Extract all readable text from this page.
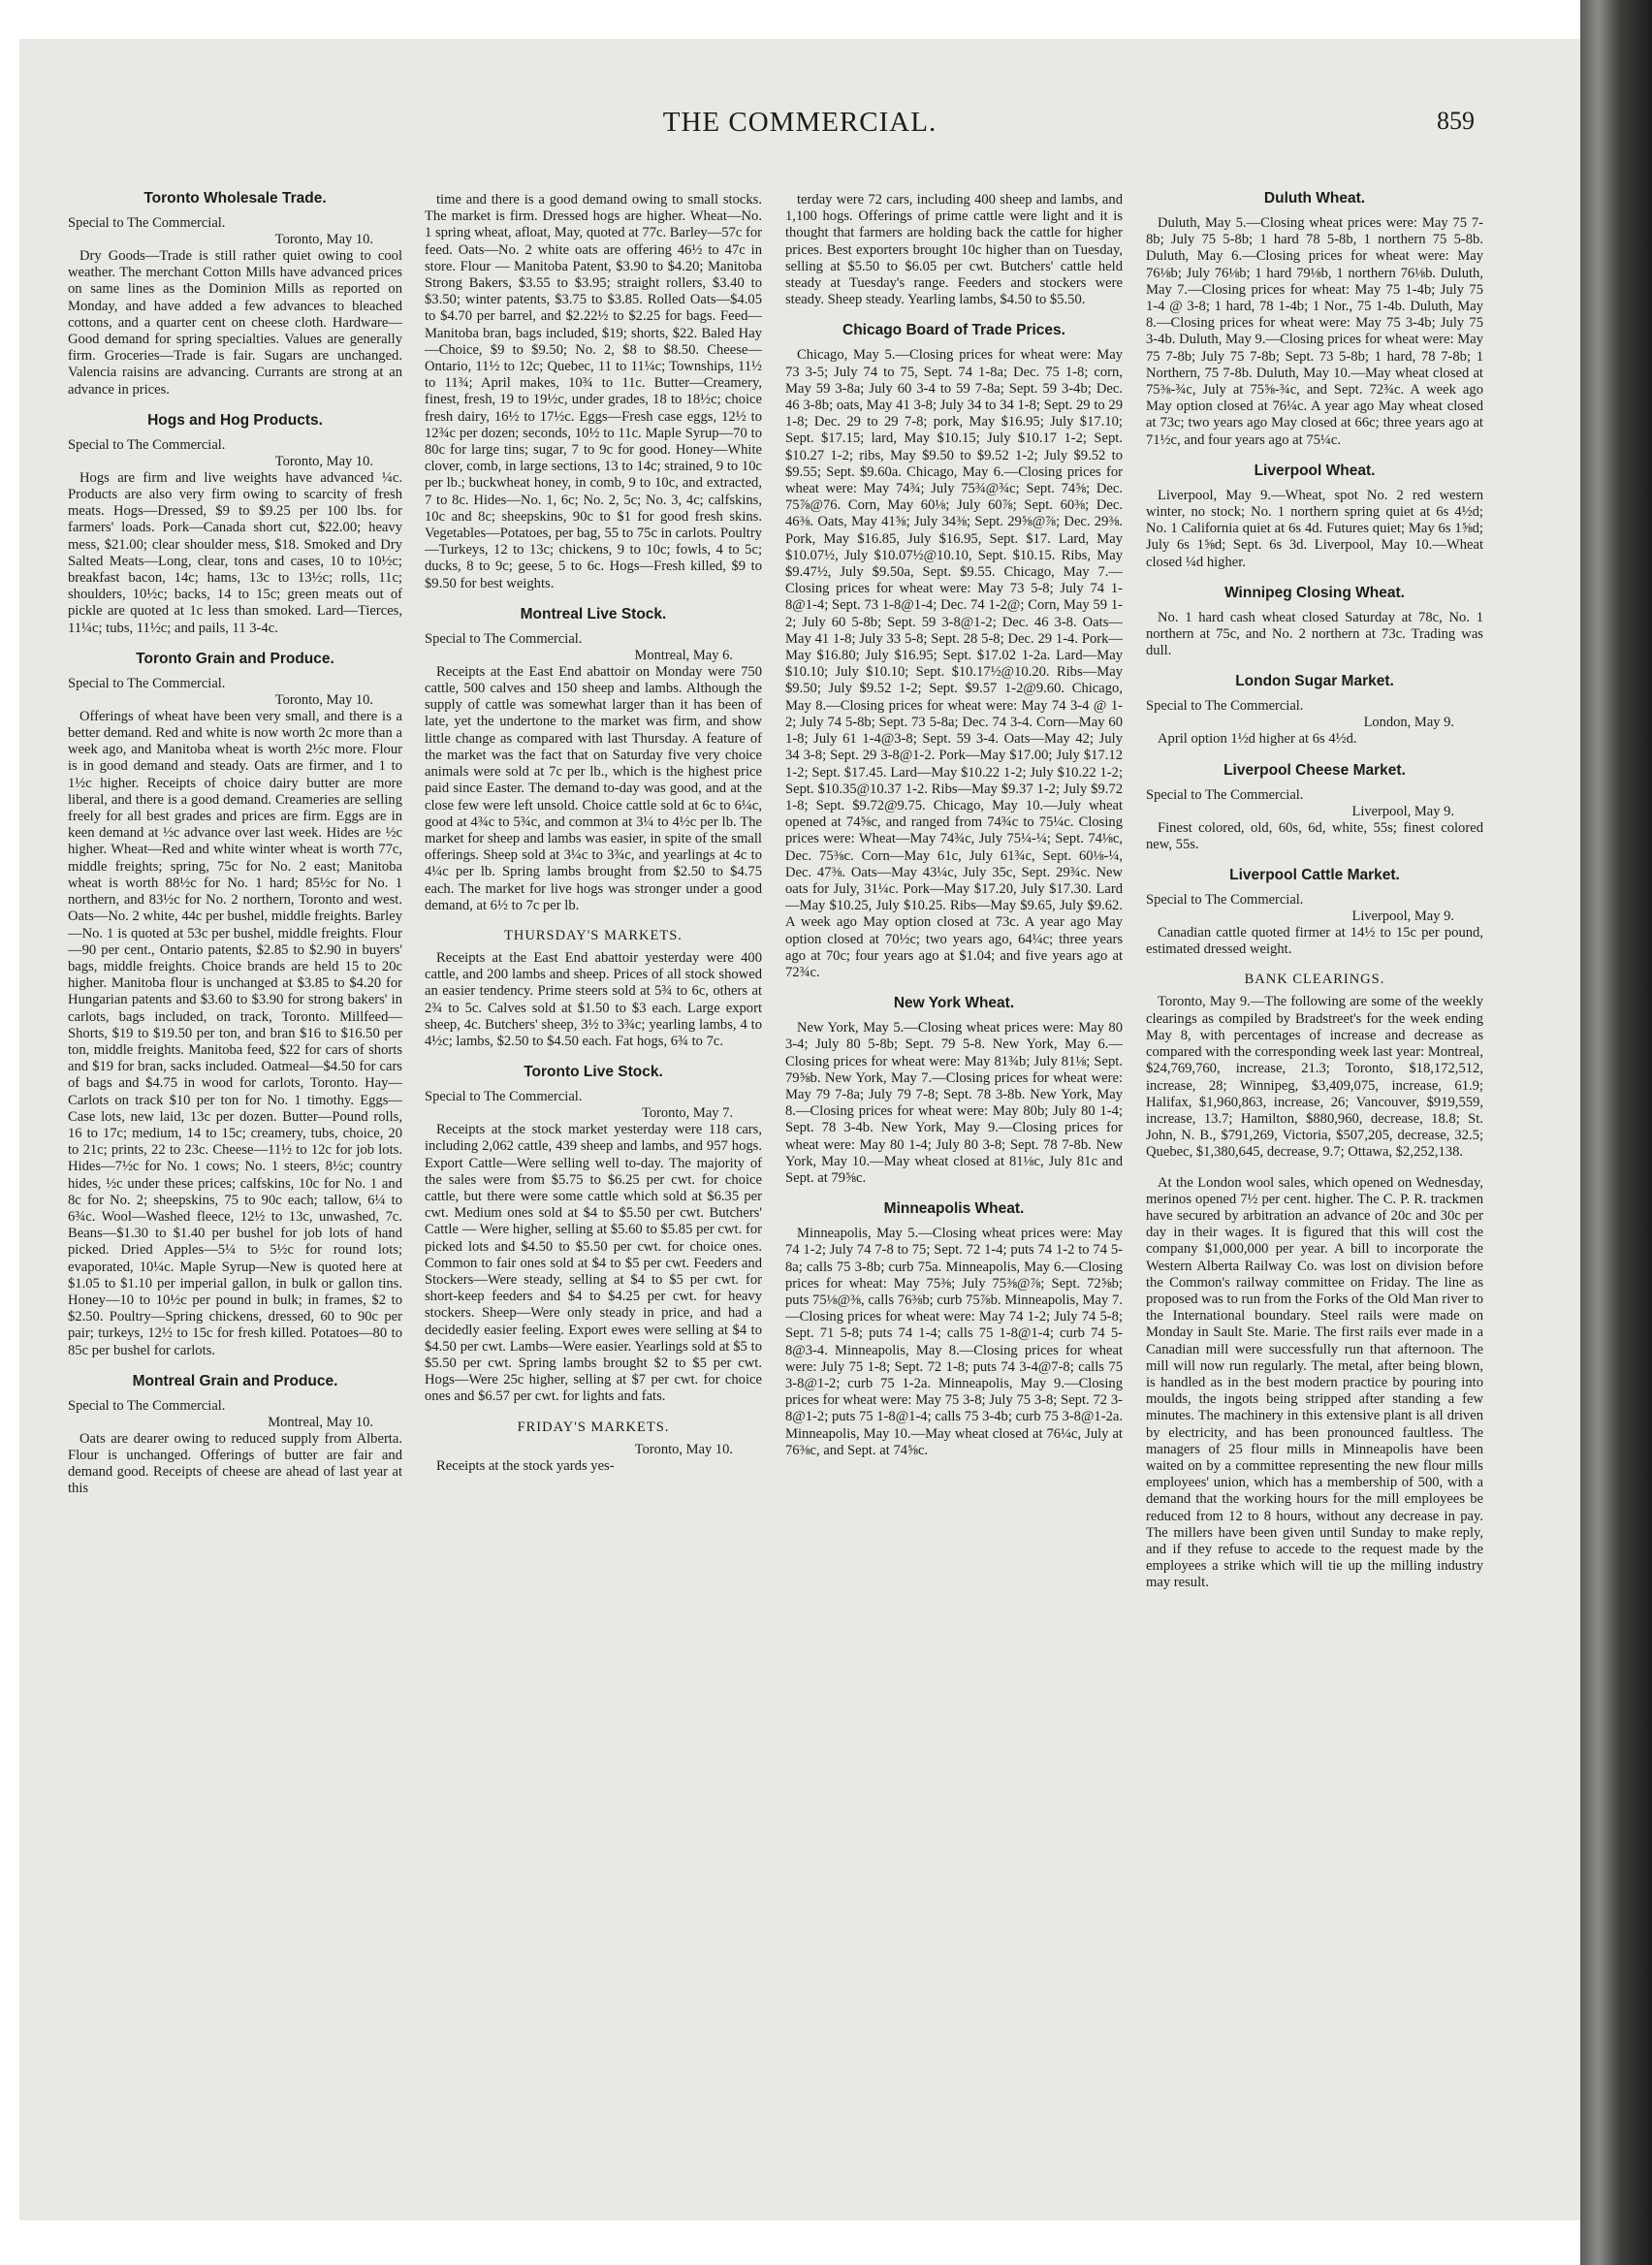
THE COMMERCIAL.	859
Toronto Wholesale Trade.

Special to The Commercial.

Toronto, May 10.

Dry Goods—Trade is still rather quiet owing to cool weather. The merchant Cotton Mills have advanced prices on same lines as the Dominion Mills as reported on Monday, and have added a few advances to bleached cottons, and a quarter cent on cheese cloth. Hardware—Good demand for spring specialties. Values are generally firm. Groceries—Trade is fair. Sugars are unchanged. Valencia raisins are advancing. Currants are strong at an advance in prices.

Hogs and Hog Products.

Special to The Commercial.

Toronto, May 10.

Hogs are firm and live weights have advanced ¼c. Products are also very firm owing to scarcity of fresh meats. Hogs—Dressed, $9 to $9.25 per 100 lbs. for farmers' loads. Pork—Canada short cut, $22.00; heavy mess, $21.00; clear shoulder mess, $18. Smoked and Dry Salted Meats—Long, clear, tons and cases, 10 to 10½c; breakfast bacon, 14c; hams, 13c to 13½c; rolls, 11c; shoulders, 10½c; backs, 14 to 15c; green meats out of pickle are quoted at 1c less than smoked. Lard—Tierces, 11¼c; tubs, 11½c; and pails, 11 3-4c.

Toronto Grain and Produce.

Special to The Commercial.

Toronto, May 10.

Offerings of wheat have been very small, and there is a better demand. Red and white is now worth 2c more than a week ago, and Manitoba wheat is worth 2½c more. Flour is in good demand and steady. Oats are firmer, and 1 to 1½c higher. Receipts of choice dairy butter are more liberal, and there is a good demand. Creameries are selling freely for all best grades and prices are firm. Eggs are in keen demand at ½c advance over last week. Hides are ½c higher. Wheat—Red and white winter wheat is worth 77c, middle freights; spring, 75c for No. 2 east; Manitoba wheat is worth 88½c for No. 1 hard; 85½c for No. 1 northern, and 83½c for No. 2 northern, Toronto and west. Oats—No. 2 white, 44c per bushel, middle freights. Barley—No. 1 is quoted at 53c per bushel, middle freights. Flour—90 per cent., Ontario patents, $2.85 to $2.90 in buyers' bags, middle freights. Choice brands are held 15 to 20c higher. Manitoba flour is unchanged at $3.85 to $4.20 for Hungarian patents and $3.60 to $3.90 for strong bakers' in carlots, bags included, on track, Toronto. Millfeed—Shorts, $19 to $19.50 per ton, and bran $16 to $16.50 per ton, middle freights. Manitoba feed, $22 for cars of shorts and $19 for bran, sacks included. Oatmeal—$4.50 for cars of bags and $4.75 in wood for carlots, Toronto. Hay—Carlots on track $10 per ton for No. 1 timothy. Eggs—Case lots, new laid, 13c per dozen. Butter—Pound rolls, 16 to 17c; medium, 14 to 15c; creamery, tubs, choice, 20 to 21c; prints, 22 to 23c. Cheese—11½ to 12c for job lots. Hides—7½c for No. 1 cows; No. 1 steers, 8½c; country hides, ½c under these prices; calfskins, 10c for No. 1 and 8c for No. 2; sheepskins, 75 to 90c each; tallow, 6¼ to 6¾c. Wool—Washed fleece, 12½ to 13c, unwashed, 7c. Beans—$1.30 to $1.40 per bushel for job lots of hand picked. Dried Apples—5¼ to 5½c for round lots; evaporated, 10¼c. Maple Syrup—New is quoted here at $1.05 to $1.10 per imperial gallon, in bulk or gallon tins. Honey—10 to 10½c per pound in bulk; in frames, $2 to $2.50. Poultry—Spring chickens, dressed, 60 to 90c per pair; turkeys, 12½ to 15c for fresh killed. Potatoes—80 to 85c per bushel for carlots.

Montreal Grain and Produce.

Special to The Commercial.

Montreal, May 10.

Oats are dearer owing to reduced supply from Alberta. Flour is unchanged. Offerings of butter are fair and demand good. Receipts of cheese are ahead of last year at this

time and there is a good demand owing to small stocks. The market is firm. Dressed hogs are higher. Wheat—No. 1 spring wheat, afloat, May, quoted at 77c. Barley—57c for feed. Oats—No. 2 white oats are offering 46½ to 47c in store. Flour — Manitoba Patent, $3.90 to $4.20; Manitoba Strong Bakers, $3.55 to $3.95; straight rollers, $3.40 to $3.50; winter patents, $3.75 to $3.85. Rolled Oats—$4.05 to $4.70 per barrel, and $2.22½ to $2.25 for bags. Feed—Manitoba bran, bags included, $19; shorts, $22. Baled Hay—Choice, $9 to $9.50; No. 2, $8 to $8.50. Cheese—Ontario, 11½ to 12c; Quebec, 11 to 11¼c; Townships, 11½ to 11¾; April makes, 10¾ to 11c. Butter—Creamery, finest, fresh, 19 to 19½c, under grades, 18 to 18½c; choice fresh dairy, 16½ to 17½c. Eggs—Fresh case eggs, 12½ to 12¾c per dozen; seconds, 10½ to 11c. Maple Syrup—70 to 80c for large tins; sugar, 7 to 9c for good. Honey—White clover, comb, in large sections, 13 to 14c; strained, 9 to 10c per lb.; buckwheat honey, in comb, 9 to 10c, and extracted, 7 to 8c. Hides—No. 1, 6c; No. 2, 5c; No. 3, 4c; calfskins, 10c and 8c; sheepskins, 90c to $1 for good fresh skins. Vegetables—Potatoes, per bag, 55 to 75c in carlots. Poultry—Turkeys, 12 to 13c; chickens, 9 to 10c; fowls, 4 to 5c; ducks, 8 to 9c; geese, 5 to 6c. Hogs—Fresh killed, $9 to $9.50 for best weights.

Montreal Live Stock.

Special to The Commercial.

Montreal, May 6.

Receipts at the East End abattoir on Monday were 750 cattle, 500 calves and 150 sheep and lambs. Although the supply of cattle was somewhat larger than it has been of late, yet the undertone to the market was firm, and show little change as compared with last Thursday. A feature of the market was the fact that on Saturday five very choice animals were sold at 7c per lb., which is the highest price paid since Easter. The demand to-day was good, and at the close few were left unsold. Choice cattle sold at 6c to 6¼c, good at 4¾c to 5¾c, and common at 3¼ to 4½c per lb. The market for sheep and lambs was easier, in spite of the small offerings. Sheep sold at 3¼c to 3¾c, and yearlings at 4c to 4¼c per lb. Spring lambs brought from $2.50 to $4.75 each. The market for live hogs was stronger under a good demand, at 6½ to 7c per lb.

THURSDAY'S MARKETS.

Receipts at the East End abattoir yesterday were 400 cattle, and 200 lambs and sheep. Prices of all stock showed an easier tendency. Prime steers sold at 5¾ to 6c, others at 2¾ to 5c. Calves sold at $1.50 to $3 each. Large export sheep, 4c. Butchers' sheep, 3½ to 3¾c; yearling lambs, 4 to 4½c; lambs, $2.50 to $4.50 each. Fat hogs, 6¾ to 7c.

Toronto Live Stock.

Special to The Commercial.

Toronto, May 7.

Receipts at the stock market yesterday were 118 cars, including 2,062 cattle, 439 sheep and lambs, and 957 hogs. Export Cattle—Were selling well to-day. The majority of the sales were from $5.75 to $6.25 per cwt. for choice cattle, but there were some cattle which sold at $6.35 per cwt. Medium ones sold at $4 to $5.50 per cwt. Butchers' Cattle — Were higher, selling at $5.60 to $5.85 per cwt. for picked lots and $4.50 to $5.50 per cwt. for choice ones. Common to fair ones sold at $4 to $5 per cwt. Feeders and Stockers—Were steady, selling at $4 to $5 per cwt. for short-keep feeders and $4 to $4.25 per cwt. for heavy stockers. Sheep—Were only steady in price, and had a decidedly easier feeling. Export ewes were selling at $4 to $4.50 per cwt. Lambs—Were easier. Yearlings sold at $5 to $5.50 per cwt. Spring lambs brought $2 to $5 per cwt. Hogs—Were 25c higher, selling at $7 per cwt. for choice ones and $6.57 per cwt. for lights and fats.

FRIDAY'S MARKETS.

Toronto, May 10.

Receipts at the stock yards yes-

terday were 72 cars, including 400 sheep and lambs, and 1,100 hogs. Offerings of prime cattle were light and it is thought that farmers are holding back the cattle for higher prices. Best exporters brought 10c higher than on Tuesday, selling at $5.50 to $6.05 per cwt. Butchers' cattle held steady at Tuesday's range. Feeders and stockers were steady. Sheep steady. Yearling lambs, $4.50 to $5.50.

Chicago Board of Trade Prices.

Chicago, May 5.—Closing prices for wheat were: May 73 3-5; July 74 to 75, Sept. 74 1-8a; Dec. 75 1-8; corn, May 59 3-8a; July 60 3-4 to 59 7-8a; Sept. 59 3-4b; Dec. 46 3-8b; oats, May 41 3-8; July 34 to 34 1-8; Sept. 29 to 29 1-8; Dec. 29 to 29 7-8; pork, May $16.95; July $17.10; Sept. $17.15; lard, May $10.15; July $10.17 1-2; Sept. $10.27 1-2; ribs, May $9.50 to $9.52 1-2; July $9.52 to $9.55; Sept. $9.60a. Chicago, May 6.—Closing prices for wheat were: May 74¾; July 75¾@¾c; Sept. 74⅝; Dec. 75⅞@76. Corn, May 60⅛; July 60⅞; Sept. 60⅜; Dec. 46⅜. Oats, May 41⅝; July 34⅜; Sept. 29⅝@⅞; Dec. 29⅜. Pork, May $16.85, July $16.95, Sept. $17. Lard, May $10.07½, July $10.07½@10.10, Sept. $10.15. Ribs, May $9.47½, July $9.50a, Sept. $9.55. Chicago, May 7.—Closing prices for wheat were: May 73 5-8; July 74 1-8@1-4; Sept. 73 1-8@1-4; Dec. 74 1-2@; Corn, May 59 1-2; July 60 5-8b; Sept. 59 3-8@1-2; Dec. 46 3-8. Oats—May 41 1-8; July 33 5-8; Sept. 28 5-8; Dec. 29 1-4. Pork—May $16.80; July $16.95; Sept. $17.02 1-2a. Lard—May $10.10; July $10.10; Sept. $10.17½@10.20. Ribs—May $9.50; July $9.52 1-2; Sept. $9.57 1-2@9.60. Chicago, May 8.—Closing prices for wheat were: May 74 3-4 @ 1-2; July 74 5-8b; Sept. 73 5-8a; Dec. 74 3-4. Corn—May 60 1-8; July 61 1-4@3-8; Sept. 59 3-4. Oats—May 42; July 34 3-8; Sept. 29 3-8@1-2. Pork—May $17.00; July $17.12 1-2; Sept. $17.45. Lard—May $10.22 1-2; July $10.22 1-2; Sept. $10.35@10.37 1-2. Ribs—May $9.37 1-2; July $9.72 1-8; Sept. $9.72@9.75. Chicago, May 10.—July wheat opened at 74⅝c, and ranged from 74¾c to 75¼c. Closing prices were: Wheat—May 74¾c, July 75¼-¼; Sept. 74⅛c, Dec. 75⅜c. Corn—May 61c, July 61¾c, Sept. 60⅛-¼, Dec. 47⅜. Oats—May 43¼c, July 35c, Sept. 29¾c. New oats for July, 31¼c. Pork—May $17.20, July $17.30. Lard—May $10.25, July $10.25. Ribs—May $9.65, July $9.62. A week ago May option closed at 73c. A year ago May option closed at 70½c; two years ago, 64¼c; three years ago at 70c; four years ago at $1.04; and five years ago at 72¾c.

New York Wheat.

New York, May 5.—Closing wheat prices were: May 80 3-4; July 80 5-8b; Sept. 79 5-8. New York, May 6.—Closing prices for wheat were: May 81¾b; July 81⅛; Sept. 79⅝b. New York, May 7.—Closing prices for wheat were: May 79 7-8a; July 79 7-8; Sept. 78 3-8b. New York, May 8.—Closing prices for wheat were: May 80b; July 80 1-4; Sept. 78 3-4b. New York, May 9.—Closing prices for wheat were: May 80 1-4; July 80 3-8; Sept. 78 7-8b. New York, May 10.—May wheat closed at 81⅛c, July 81c and Sept. at 79⅝c.

Minneapolis Wheat.

Minneapolis, May 5.—Closing wheat prices were: May 74 1-2; July 74 7-8 to 75; Sept. 72 1-4; puts 74 1-2 to 74 5-8a; calls 75 3-8b; curb 75a. Minneapolis, May 6.—Closing prices for wheat: May 75⅜; July 75⅜@⅞; Sept. 72⅝b; puts 75⅛@⅜, calls 76⅜b; curb 75⅞b. Minneapolis, May 7.—Closing prices for wheat were: May 74 1-2; July 74 5-8; Sept. 71 5-8; puts 74 1-4; calls 75 1-8@1-4; curb 74 5-8@3-4. Minneapolis, May 8.—Closing prices for wheat were: July 75 1-8; Sept. 72 1-8; puts 74 3-4@7-8; calls 75 3-8@1-2; curb 75 1-2a. Minneapolis, May 9.—Closing prices for wheat were: May 75 3-8; July 75 3-8; Sept. 72 3-8@1-2; puts 75 1-8@1-4; calls 75 3-4b; curb 75 3-8@1-2a. Minneapolis, May 10.—May wheat closed at 76¼c, July at 76⅜c, and Sept. at 74⅝c.

Duluth Wheat.

Duluth, May 5.—Closing wheat prices were: May 75 7-8b; July 75 5-8b; 1 hard 78 5-8b, 1 northern 75 5-8b. Duluth, May 6.—Closing prices for wheat were: May 76⅛b; July 76⅛b; 1 hard 79⅛b, 1 northern 76⅛b. Duluth, May 7.—Closing prices for wheat: May 75 1-4b; July 75 1-4 @ 3-8; 1 hard, 78 1-4b; 1 Nor., 75 1-4b. Duluth, May 8.—Closing prices for wheat were: May 75 3-4b; July 75 3-4b. Duluth, May 9.—Closing prices for wheat were: May 75 7-8b; July 75 7-8b; Sept. 73 5-8b; 1 hard, 78 7-8b; 1 Northern, 75 7-8b. Duluth, May 10.—May wheat closed at 75⅜-¾c, July at 75⅝-¾c, and Sept. 72¾c. A week ago May option closed at 76¼c. A year ago May wheat closed at 73c; two years ago May closed at 66c; three years ago at 71½c, and four years ago at 75¼c.

Liverpool Wheat.

Liverpool, May 9.—Wheat, spot No. 2 red western winter, no stock; No. 1 northern spring quiet at 6s 4½d; No. 1 California quiet at 6s 4d. Futures quiet; May 6s 1⅝d; July 6s 1⅝d; Sept. 6s 3d. Liverpool, May 10.—Wheat closed ¼d higher.

Winnipeg Closing Wheat.

No. 1 hard cash wheat closed Saturday at 78c, No. 1 northern at 75c, and No. 2 northern at 73c. Trading was dull.

London Sugar Market.

Special to The Commercial.

London, May 9.

April option 1½d higher at 6s 4½d.

Liverpool Cheese Market.

Special to The Commercial.

Liverpool, May 9.

Finest colored, old, 60s, 6d, white, 55s; finest colored new, 55s.

Liverpool Cattle Market.

Special to The Commercial.

Liverpool, May 9.

Canadian cattle quoted firmer at 14½ to 15c per pound, estimated dressed weight.

BANK CLEARINGS.

Toronto, May 9.—The following are some of the weekly clearings as compiled by Bradstreet's for the week ending May 8, with percentages of increase and decrease as compared with the corresponding week last year: Montreal, $24,769,760, increase, 21.3; Toronto, $18,172,512, increase, 28; Winnipeg, $3,409,075, increase, 61.9; Halifax, $1,960,863, increase, 26; Vancouver, $919,559, increase, 13.7; Hamilton, $880,960, decrease, 18.8; St. John, N. B., $791,269, Victoria, $507,205, decrease, 32.5; Quebec, $1,380,645, decrease, 9.7; Ottawa, $2,252,138.

At the London wool sales, which opened on Wednesday, merinos opened 7½ per cent. higher. The C. P. R. trackmen have secured by arbitration an advance of 20c and 30c per day in their wages. It is figured that this will cost the company $1,000,000 per year. A bill to incorporate the Western Alberta Railway Co. was lost on division before the Common's railway committee on Friday. The line as proposed was to run from the Forks of the Old Man river to the International boundary. Steel rails were made on Monday in Sault Ste. Marie. The first rails ever made in a Canadian mill were successfully run that afternoon. The mill will now run regularly. The metal, after being blown, is handled as in the best modern practice by pouring into moulds, the ingots being stripped after standing a few minutes. The machinery in this extensive plant is all driven by electricity, and has been pronounced faultless. The managers of 25 flour mills in Minneapolis have been waited on by a committee representing the new flour mills employees' union, which has a membership of 500, with a demand that the working hours for the mill employees be reduced from 12 to 8 hours, without any decrease in pay. The millers have been given until Sunday to make reply, and if they refuse to accede to the request made by the employees a strike which will tie up the milling industry may result.
